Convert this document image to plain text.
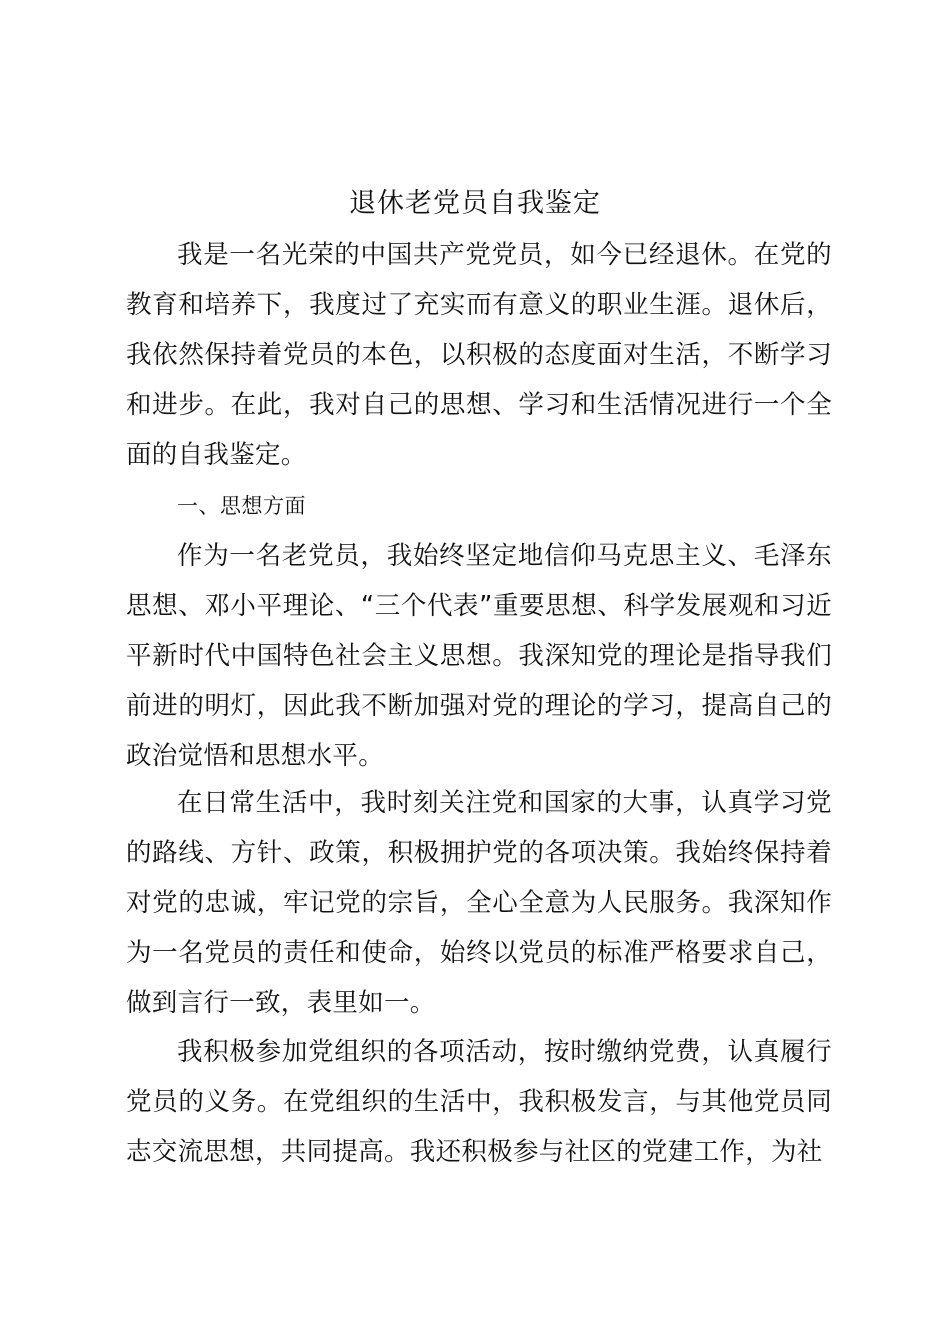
退休老党员自我鉴定

我是一名光荣的中国共产党党员，如今已经退休。在党的教育和培养下，我度过了充实而有意义的职业生涯。退休后，我依然保持着党员的本色，以积极的态度面对生活，不断学习和进步。在此，我对自己的思想、学习和生活情况进行一个全面的自我鉴定。

一、思想方面

作为一名老党员，我始终坚定地信仰马克思主义、毛泽东思想、邓小平理论、“三个代表”重要思想、科学发展观和习近平新时代中国特色社会主义思想。我深知党的理论是指导我们前进的明灯，因此我不断加强对党的理论的学习，提高自己的政治觉悟和思想水平。

在日常生活中，我时刻关注党和国家的大事，认真学习党的路线、方针、政策，积极拥护党的各项决策。我始终保持着对党的忠诚，牢记党的宗旨，全心全意为人民服务。我深知作为一名党员的责任和使命，始终以党员的标准严格要求自己，做到言行一致，表里如一。

我积极参加党组织的各项活动，按时缴纳党费，认真履行党员的义务。在党组织的生活中，我积极发言，与其他党员同志交流思想，共同提高。我还积极参与社区的党建工作，为社
